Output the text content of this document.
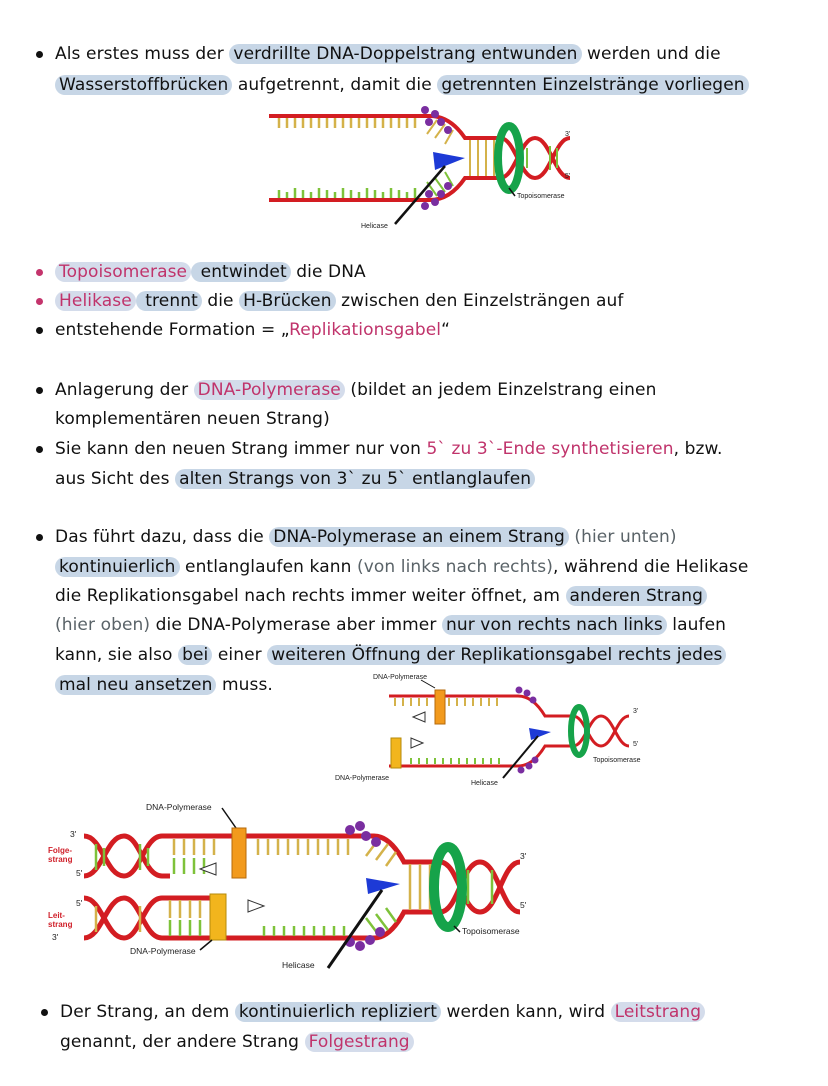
Als erstes muss der verdrillte DNA-Doppelstrang entwunden werden und die
Wasserstoffbrücken aufgetrennt, damit die getrennten Einzelstränge vorliegen
Topoisomerase
Helicase
3'
5'
Topoisomerase entwindet die DNA
Helikase trennt die H-Brücken zwischen den Einzelsträngen auf
entstehende Formation = „Replikationsgabel“
Anlagerung der DNA-Polymerase (bildet an jedem Einzelstrang einen
komplementären neuen Strang)
Sie kann den neuen Strang immer nur von 5` zu 3`-Ende synthetisieren, bzw.
aus Sicht des alten Strangs von 3` zu 5` entlanglaufen
Das führt dazu, dass die DNA-Polymerase an einem Strang (hier unten)
kontinuierlich entlanglaufen kann (von links nach rechts), während die Helikase
die Replikationsgabel nach rechts immer weiter öffnet, am anderen Strang
(hier oben) die DNA-Polymerase aber immer nur von rechts nach links laufen
kann, sie also bei einer weiteren Öffnung der Replikationsgabel rechts jedes
mal neu ansetzen muss.	DNA-Polymerase
DNA-Polymerase
Helicase
Topoisomerase
3'
5'
DNA-Polymerase
3'
Folge-
strang
5'
5'
Leit-
strang
3'
DNA-Polymerase
Helicase
Topoisomerase
3'
5'
Der Strang, an dem kontinuierlich repliziert werden kann, wird Leitstrang
genannt, der andere Strang Folgestrang
